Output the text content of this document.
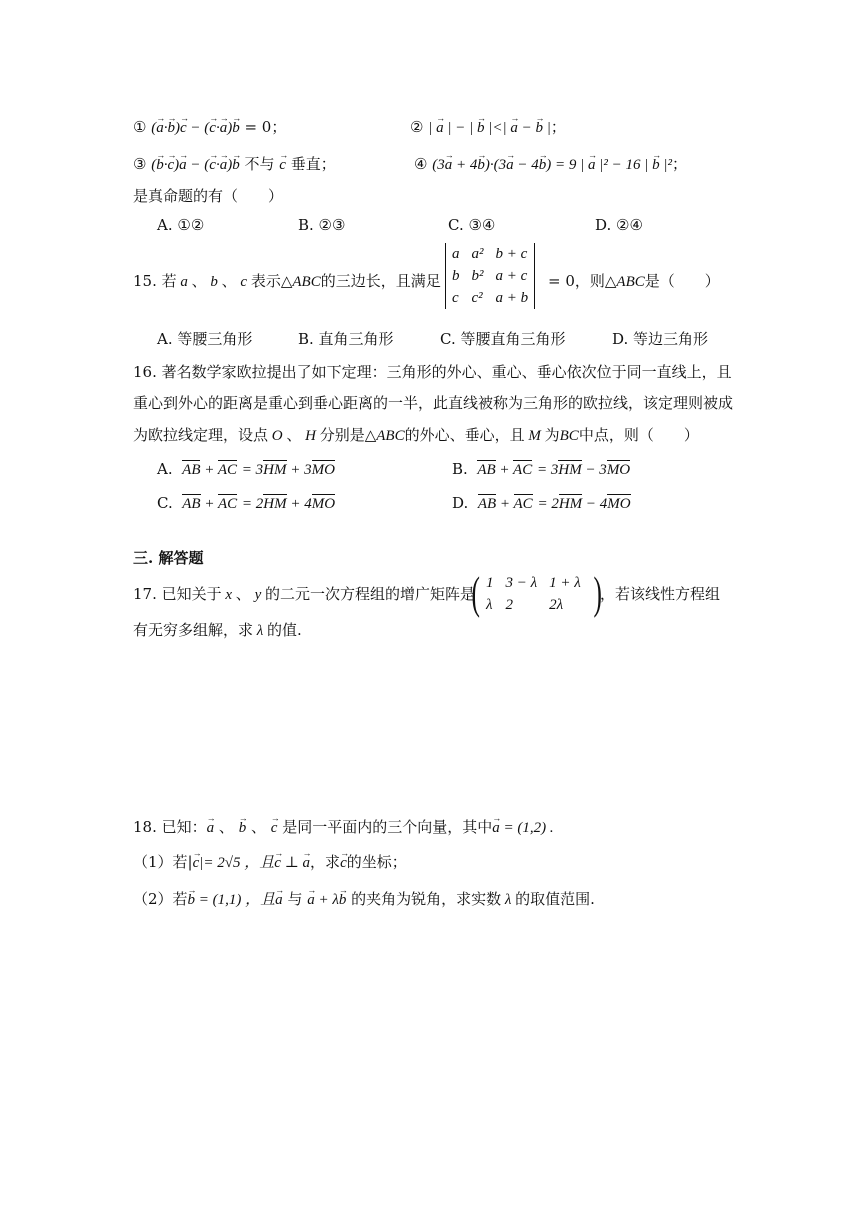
① (→ a·→ b)→ c − (→ c·→ a)→ b = 0；	② | → a | − | → b |<| → a − → b |；
③ (→ b·→ c)→ a − (→ c·→ a)→ b 不与 → c 垂直；	④ (3→ a + 4→ b)·(3→ a − 4→ b) = 9 | → a |² − 16 | → b |²；
是真命题的有（　　）
A. ①②	B. ②③	C. ③④	D. ②④
15. 若 a 、 b 、 c 表示△ABC的三边长，且满足
a	a²	b + c
b	b²	a + c
c	c²	a + b
= 0，则△ABC是（　　）
A. 等腰三角形	B. 直角三角形	C. 等腰直角三角形	D. 等边三角形
16. 著名数学家欧拉提出了如下定理：三角形的外心、重心、垂心依次位于同一直线上，且
重心到外心的距离是重心到垂心距离的一半，此直线被称为三角形的欧拉线，该定理则被成
为欧拉线定理，设点 O 、 H 分别是△ABC的外心、垂心，且 M 为BC中点，则（　　）
A. AB + AC = 3HM + 3MO	B. AB + AC = 3HM − 3MO
C. AB + AC = 2HM + 4MO	D. AB + AC = 2HM − 4MO
三. 解答题
17. 已知关于 x 、 y 的二元一次方程组的增广矩阵是
( 1	3 − λ	1 + λ
λ	2	2λ )
，若该线性方程组
有无穷多组解，求 λ 的值.
18. 已知：→ a 、 → b 、 → c 是同一平面内的三个向量，其中→ a = (1,2) .
（1）若|→ c|= 2√5 ，且→ c ⊥ → a，求→ c的坐标；
（2）若→ b = (1,1) ，且→ a 与 → a + λ→ b 的夹角为锐角，求实数 λ 的取值范围.
